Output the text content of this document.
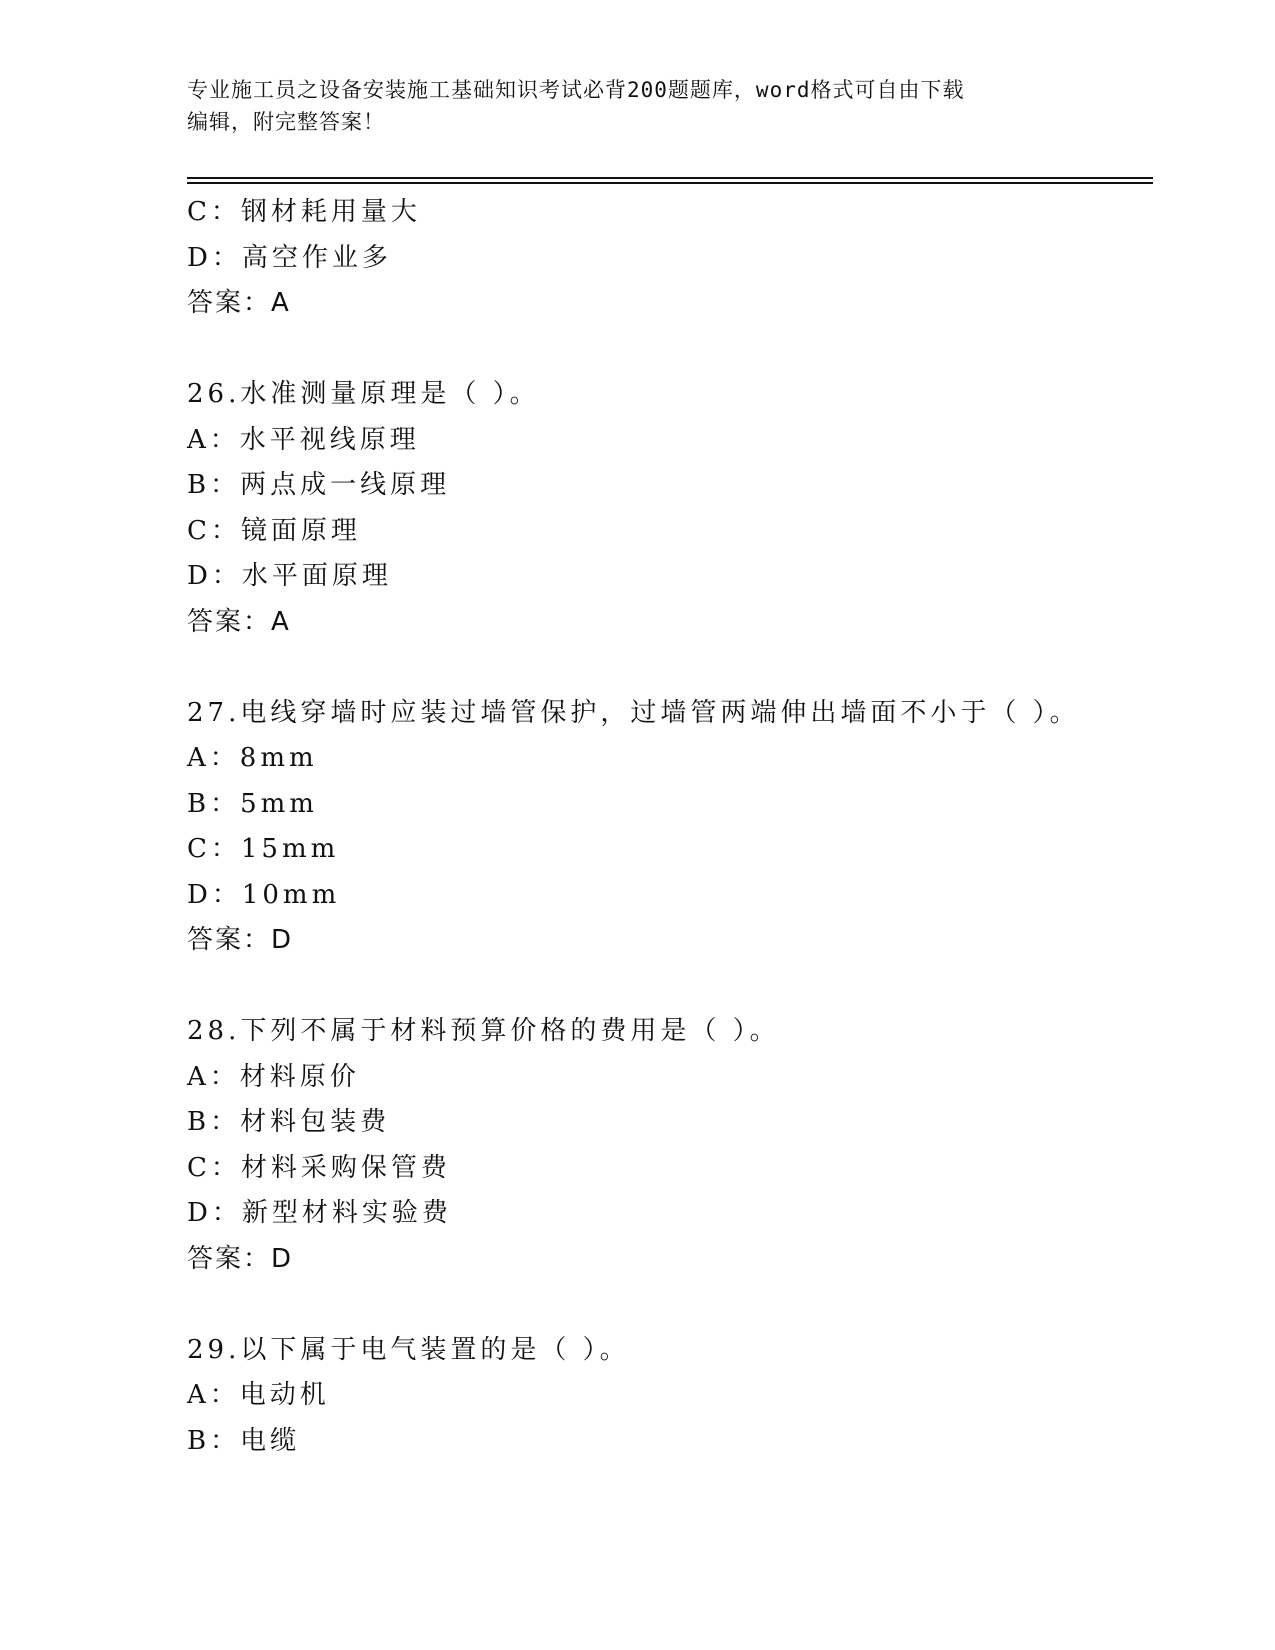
专业施工员之设备安装施工基础知识考试必背200题题库，word格式可自由下载
编辑，附完整答案！
C：钢材耗用量大
D：高空作业多
答案：A
26.水准测量原理是（ ）。
A：水平视线原理
B：两点成一线原理
C：镜面原理
D：水平面原理
答案：A
27.电线穿墙时应装过墙管保护，过墙管两端伸出墙面不小于（ ）。
A：8mm
B：5mm
C：15mm
D：10mm
答案：D
28.下列不属于材料预算价格的费用是（ ）。
A：材料原价
B：材料包装费
C：材料采购保管费
D：新型材料实验费
答案：D
29.以下属于电气装置的是（ ）。
A：电动机
B：电缆
